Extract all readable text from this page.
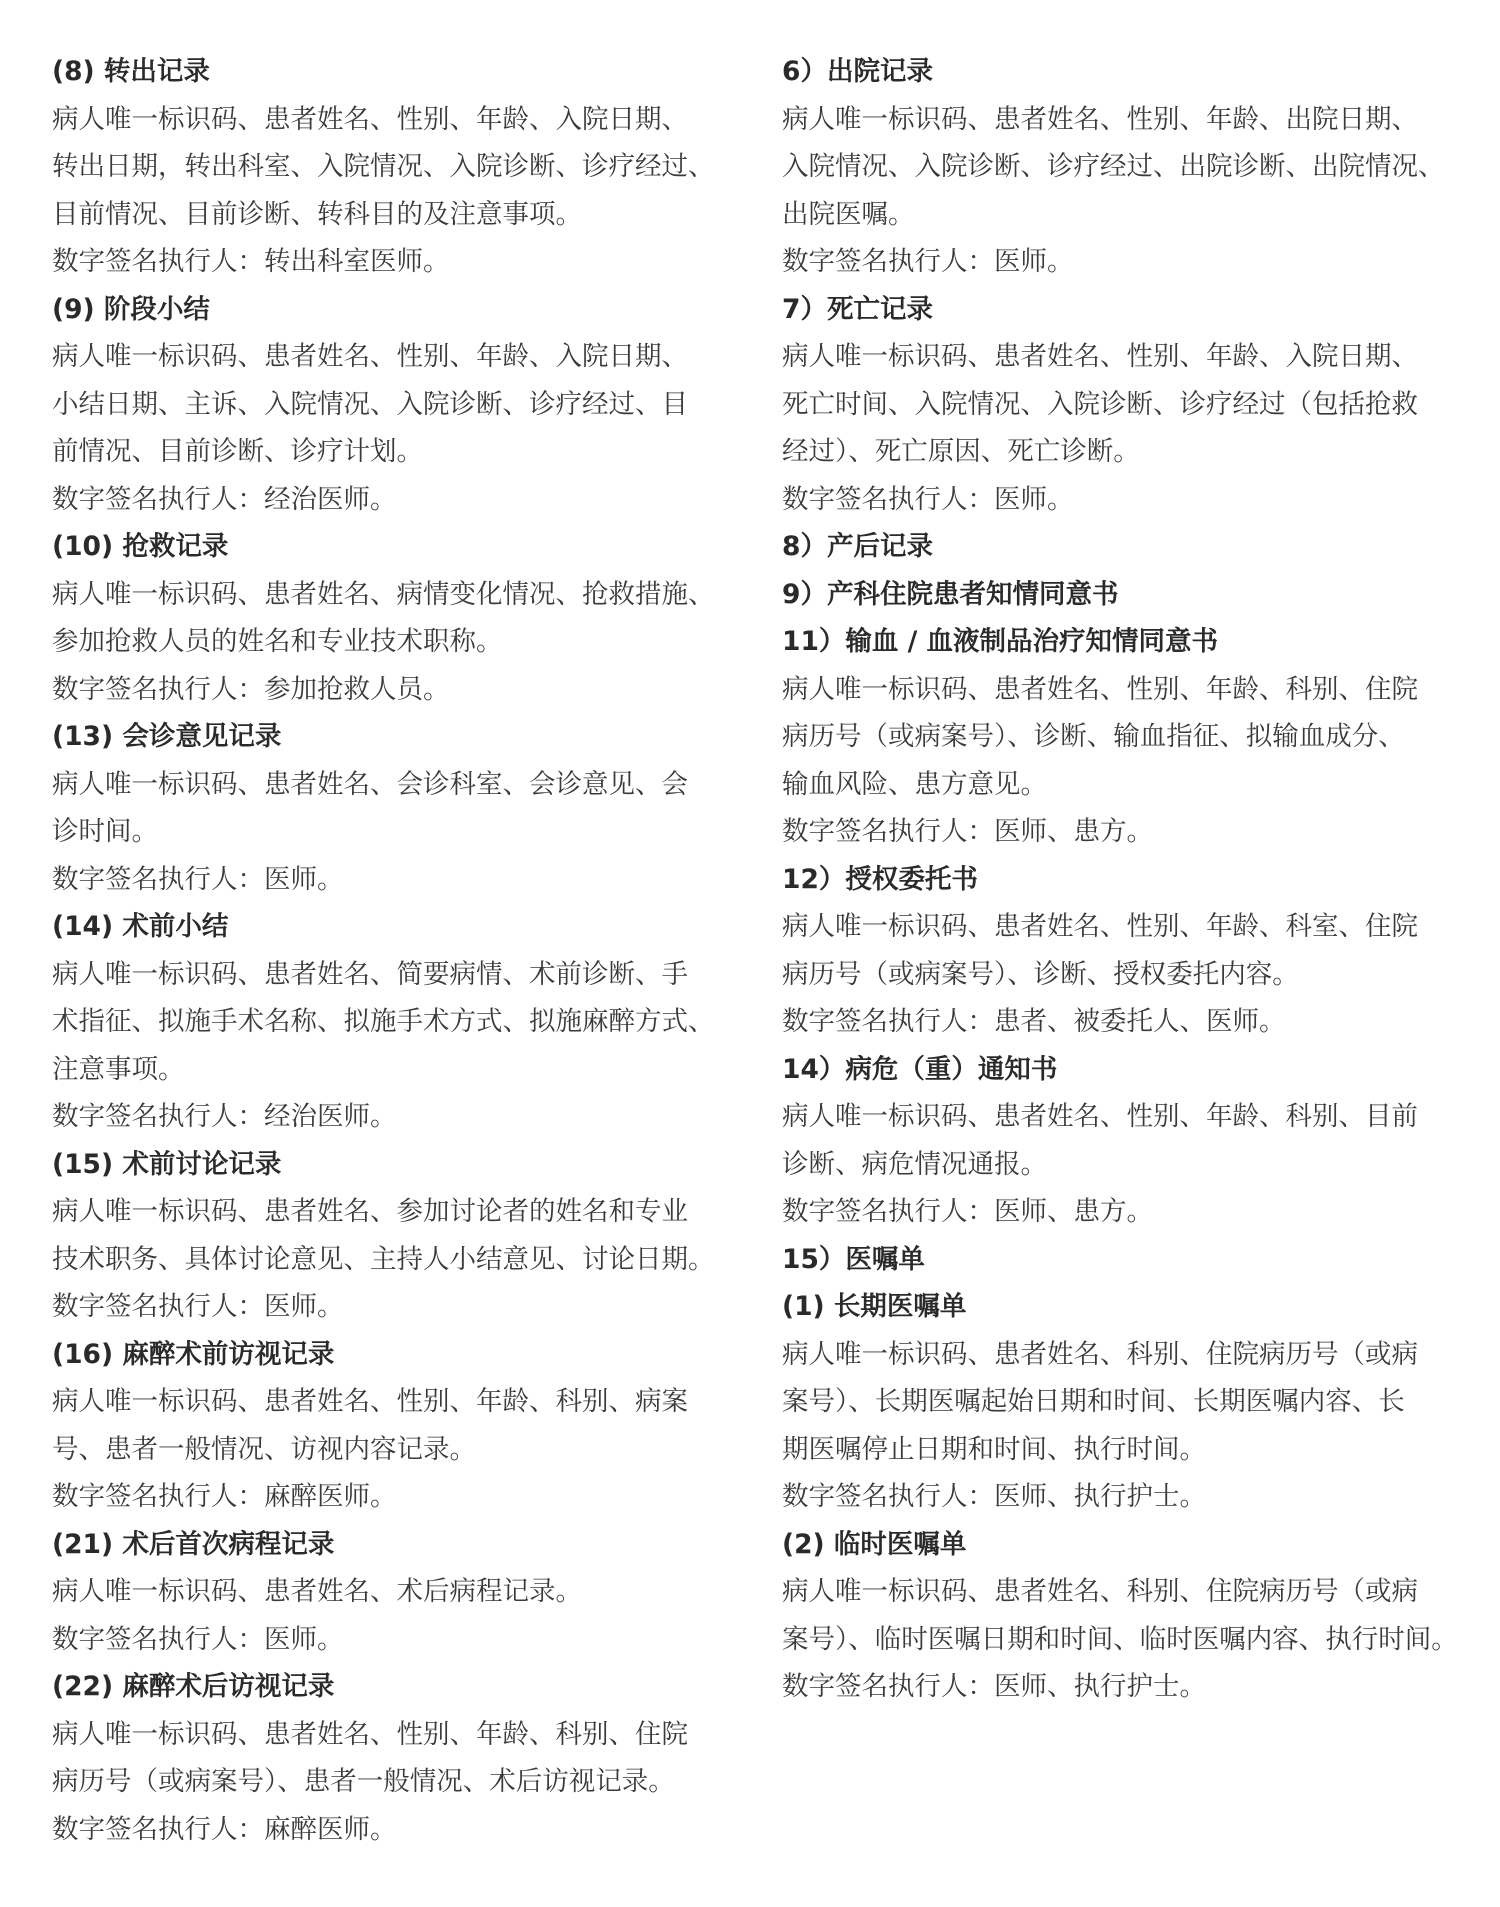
(8) 转出记录
病人唯一标识码、患者姓名、性别、年龄、入院日期、
转出日期，转出科室、入院情况、入院诊断、诊疗经过、
目前情况、目前诊断、转科目的及注意事项。
数字签名执行人：转出科室医师。
(9) 阶段小结
病人唯一标识码、患者姓名、性别、年龄、入院日期、
小结日期、主诉、入院情况、入院诊断、诊疗经过、目
前情况、目前诊断、诊疗计划。
数字签名执行人：经治医师。
(10) 抢救记录
病人唯一标识码、患者姓名、病情变化情况、抢救措施、
参加抢救人员的姓名和专业技术职称。
数字签名执行人：参加抢救人员。
(13) 会诊意见记录
病人唯一标识码、患者姓名、会诊科室、会诊意见、会
诊时间。
数字签名执行人：医师。
(14) 术前小结
病人唯一标识码、患者姓名、简要病情、术前诊断、手
术指征、拟施手术名称、拟施手术方式、拟施麻醉方式、
注意事项。
数字签名执行人：经治医师。
(15) 术前讨论记录
病人唯一标识码、患者姓名、参加讨论者的姓名和专业
技术职务、具体讨论意见、主持人小结意见、讨论日期。
数字签名执行人：医师。
(16) 麻醉术前访视记录
病人唯一标识码、患者姓名、性别、年龄、科别、病案
号、患者一般情况、访视内容记录。
数字签名执行人：麻醉医师。
(21) 术后首次病程记录
病人唯一标识码、患者姓名、术后病程记录。
数字签名执行人：医师。
(22) 麻醉术后访视记录
病人唯一标识码、患者姓名、性别、年龄、科别、住院
病历号（或病案号）、患者一般情况、术后访视记录。
数字签名执行人：麻醉医师。
6）出院记录
病人唯一标识码、患者姓名、性别、年龄、出院日期、
入院情况、入院诊断、诊疗经过、出院诊断、出院情况、
出院医嘱。
数字签名执行人：医师。
7）死亡记录
病人唯一标识码、患者姓名、性别、年龄、入院日期、
死亡时间、入院情况、入院诊断、诊疗经过（包括抢救
经过）、死亡原因、死亡诊断。
数字签名执行人：医师。
8）产后记录
9）产科住院患者知情同意书
11）输血 / 血液制品治疗知情同意书
病人唯一标识码、患者姓名、性别、年龄、科别、住院
病历号（或病案号）、诊断、输血指征、拟输血成分、
输血风险、患方意见。
数字签名执行人：医师、患方。
12）授权委托书
病人唯一标识码、患者姓名、性别、年龄、科室、住院
病历号（或病案号）、诊断、授权委托内容。
数字签名执行人：患者、被委托人、医师。
14）病危（重）通知书
病人唯一标识码、患者姓名、性别、年龄、科别、目前
诊断、病危情况通报。
数字签名执行人：医师、患方。
15）医嘱单
(1) 长期医嘱单
病人唯一标识码、患者姓名、科别、住院病历号（或病
案号）、长期医嘱起始日期和时间、长期医嘱内容、长
期医嘱停止日期和时间、执行时间。
数字签名执行人：医师、执行护士。
(2) 临时医嘱单
病人唯一标识码、患者姓名、科别、住院病历号（或病
案号）、临时医嘱日期和时间、临时医嘱内容、执行时间。
数字签名执行人：医师、执行护士。
